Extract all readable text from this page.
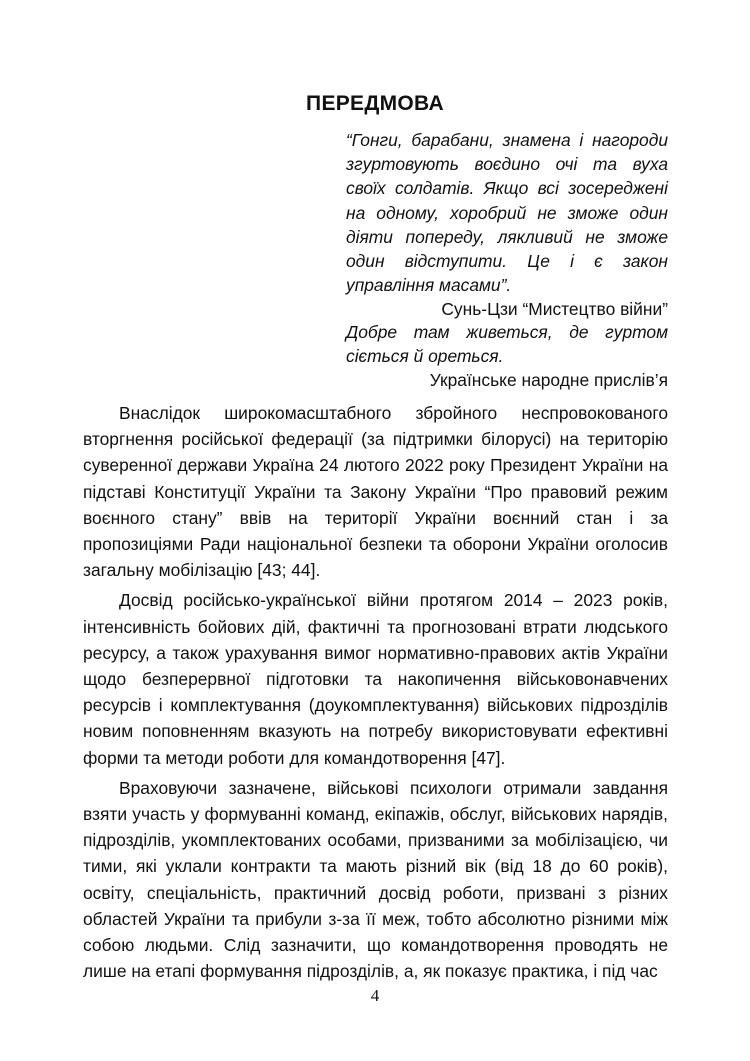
ПЕРЕДМОВА
“Гонги, барабани, знамена і нагороди згуртовують воєдино очі та вуха своїх солдатів. Якщо всі зосереджені на одному, хоробрий не зможе один діяти попереду, лякливий не зможе один відступити. Це і є закон управління масами”.
Сунь-Цзи “Мистецтво війни”
Добре там живеться, де гуртом сіється й ореться.
Українське народне прислів’я

Внаслідок широкомасштабного збройного неспровокованого вторгнення російської федерації (за підтримки білорусі) на територію суверенної держави Україна 24 лютого 2022 року Президент України на підставі Конституції України та Закону України “Про правовий режим воєнного стану” ввів на території України воєнний стан і за пропозиціями Ради національної безпеки та оборони України оголосив загальну мобілізацію [43; 44].

Досвід російсько-української війни протягом 2014 – 2023 років, інтенсивність бойових дій, фактичні та прогнозовані втрати людського ресурсу, а також урахування вимог нормативно-правових актів України щодо безперервної підготовки та накопичення військовонавчених ресурсів і комплектування (доукомплектування) військових підрозділів новим поповненням вказують на потребу використовувати ефективні форми та методи роботи для командотворення [47].

Враховуючи зазначене, військові психологи отримали завдання взяти участь у формуванні команд, екіпажів, обслуг, військових нарядів, підрозділів, укомплектованих особами, призваними за мобілізацією, чи тими, які уклали контракти та мають різний вік (від 18 до 60 років), освіту, спеціальність, практичний досвід роботи, призвані з різних областей України та прибули з-за її меж, тобто абсолютно різними між собою людьми. Слід зазначити, що командотворення проводять не лише на етапі формування підрозділів, а, як показує практика, і під час

4
